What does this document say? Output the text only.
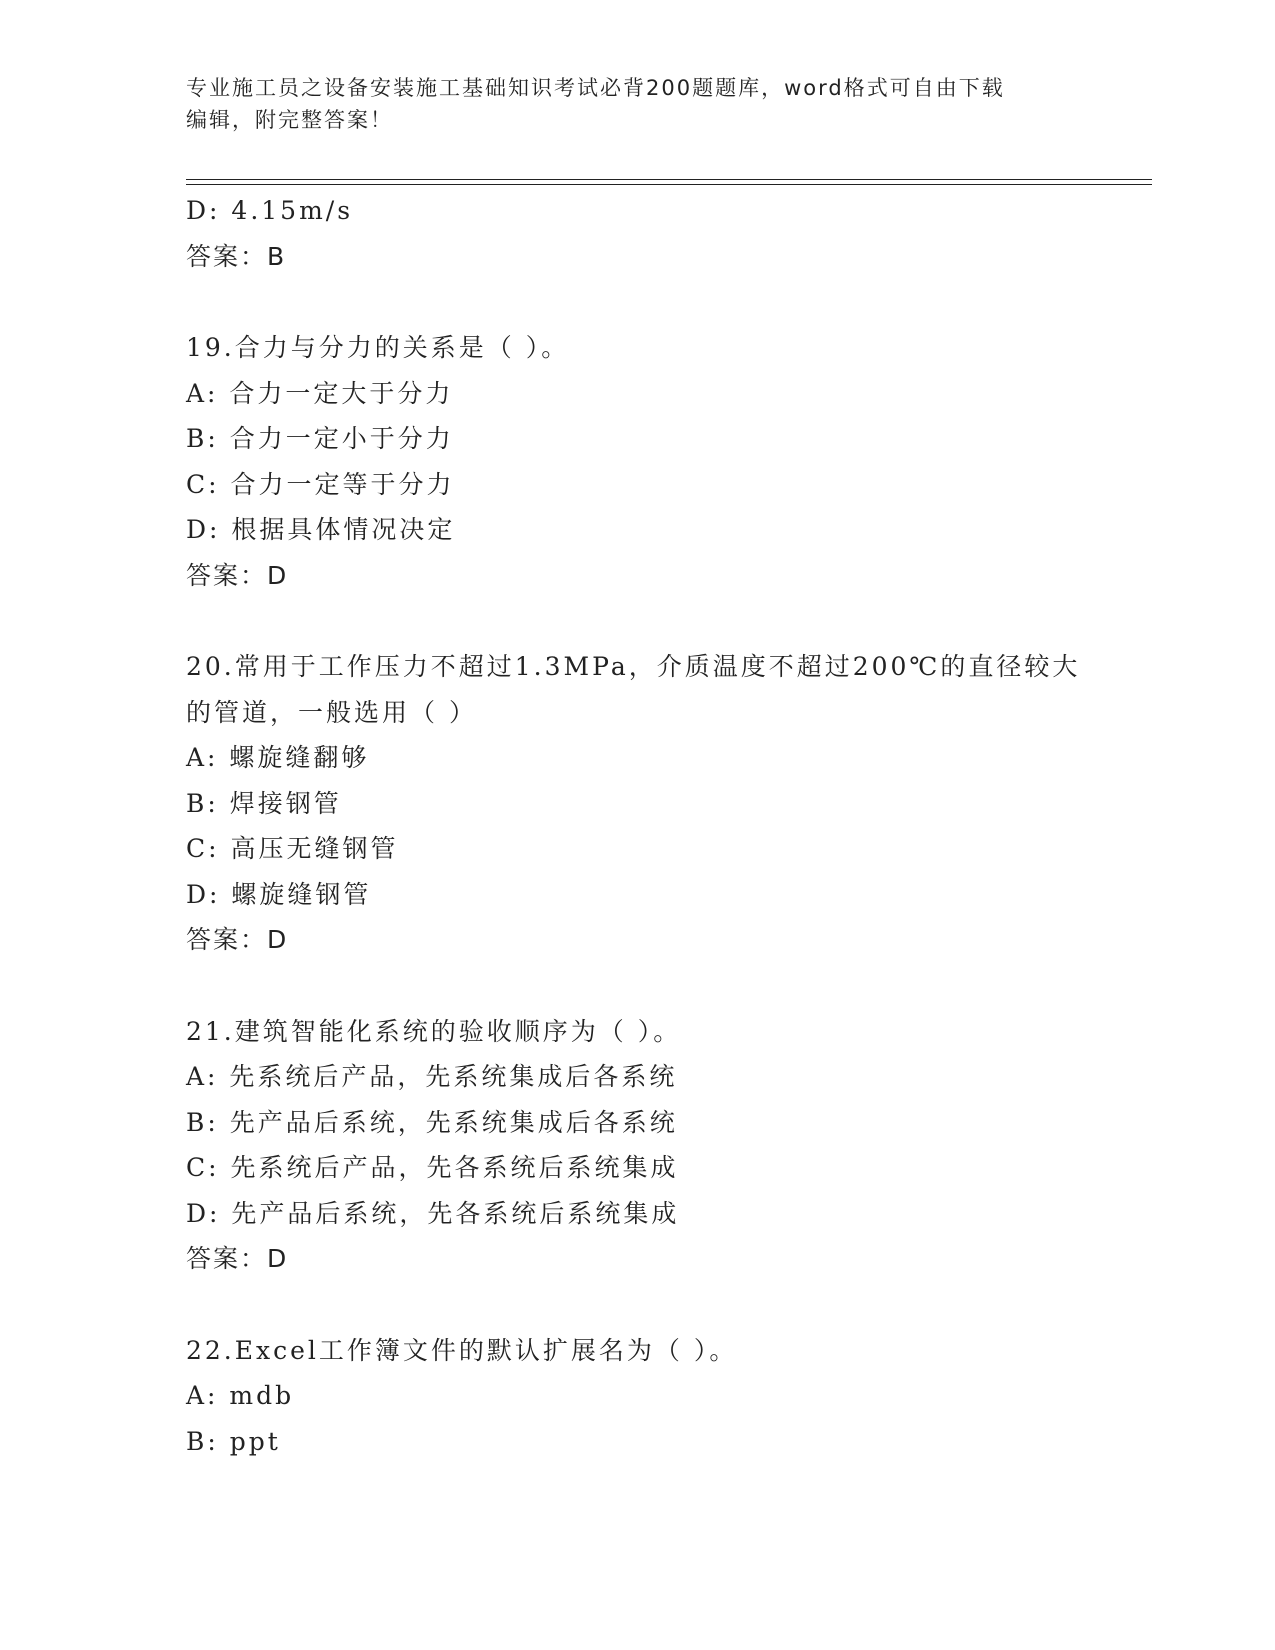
专业施工员之设备安装施工基础知识考试必背200题题库，word格式可自由下载
编辑，附完整答案！
D: 4.15m/s
答案：B
19.合力与分力的关系是（ ）。
A: 合力一定大于分力
B: 合力一定小于分力
C: 合力一定等于分力
D: 根据具体情况决定
答案：D
20.常用于工作压力不超过1.3MPa，介质温度不超过200℃的直径较大
的管道，一般选用（ ）
A: 螺旋缝翻够
B: 焊接钢管
C: 高压无缝钢管
D: 螺旋缝钢管
答案：D
21.建筑智能化系统的验收顺序为（ ）。
A: 先系统后产品，先系统集成后各系统
B: 先产品后系统，先系统集成后各系统
C: 先系统后产品，先各系统后系统集成
D: 先产品后系统，先各系统后系统集成
答案：D
22.Excel工作簿文件的默认扩展名为（ ）。
A: mdb
B: ppt
